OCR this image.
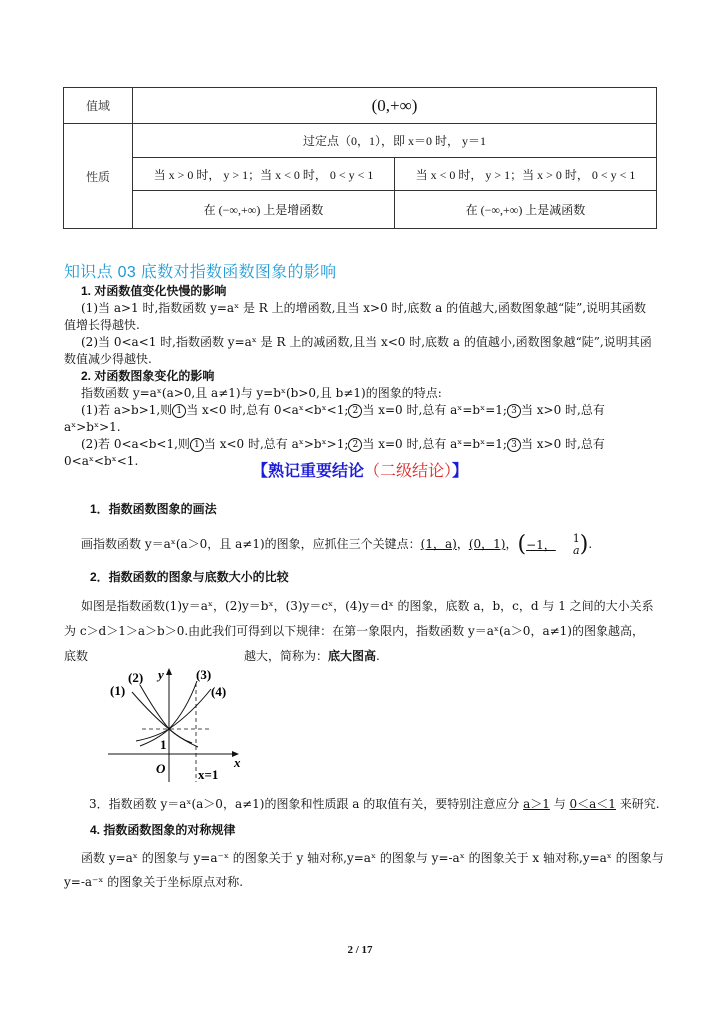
值域	(0,+∞)	
性质	过定点（0，1），即 x＝0 时， y＝1	
	当 x > 0 时， y > 1；当 x < 0 时， 0 < y < 1	当 x < 0 时， y > 1；当 x > 0 时， 0 < y < 1
	在 (−∞,+∞) 上是增函数	在 (−∞,+∞) 上是减函数
知识点 03 底数对指数函数图象的影响
1. 对函数值变化快慢的影响
(1)当 a>1 时,指数函数 y=aˣ 是 R 上的增函数,且当 x>0 时,底数 a 的值越大,函数图象越“陡”,说明其函数值增长得越快.
(2)当 0<a<1 时,指数函数 y=aˣ 是 R 上的减函数,且当 x<0 时,底数 a 的值越小,函数图象越“陡”,说明其函数值减少得越快.
2. 对函数图象变化的影响
指数函数 y=aˣ(a>0,且 a≠1)与 y=bˣ(b>0,且 b≠1)的图象的特点:
(1)若 a>b>1,则 1 当 x<0 时,总有 0<aˣ<bˣ<1; 2 当 x=0 时,总有 aˣ=bˣ=1; 3 当 x>0 时,总有 aˣ>bˣ>1.
(2)若 0<a<b<1,则 1 当 x<0 时,总有 aˣ>bˣ>1; 2 当 x=0 时,总有 aˣ=bˣ=1; 3 当 x>0 时,总有 0<aˣ<bˣ<1.
【熟记重要结论（二级结论）】
1．指数函数图象的画法
画指数函数 y＝aˣ(a＞0，且 a≠1)的图象，应抓住三个关键点：(1，a)，(0，1)，(−1，	1
a ).
2．指数函数的图象与底数大小的比较
如图是指数函数(1)y＝aˣ，(2)y＝bˣ，(3)y＝cˣ，(4)y＝dˣ 的图象，底数 a，b，c，d 与 1 之间的大小关系
为 c＞d＞1＞a＞b＞0.由此我们可得到以下规律：在第一象限内，指数函数 y＝aˣ(a＞0，a≠1)的图象越高，
底数	越大，简称为：底大图高.
(1)
(2)	(3)
(4)
y
x
O
1
x=1
3．指数函数 y＝aˣ(a＞0，a≠1)的图象和性质跟 a 的取值有关，要特别注意应分 a＞1 与 0＜a＜1 来研究.
4. 指数函数图象的对称规律
函数 y=aˣ 的图象与 y=a⁻ˣ 的图象关于 y 轴对称,y=aˣ 的图象与 y=-aˣ 的图象关于 x 轴对称,y=aˣ 的图象与
y=-a⁻ˣ 的图象关于坐标原点对称.
2 / 17
